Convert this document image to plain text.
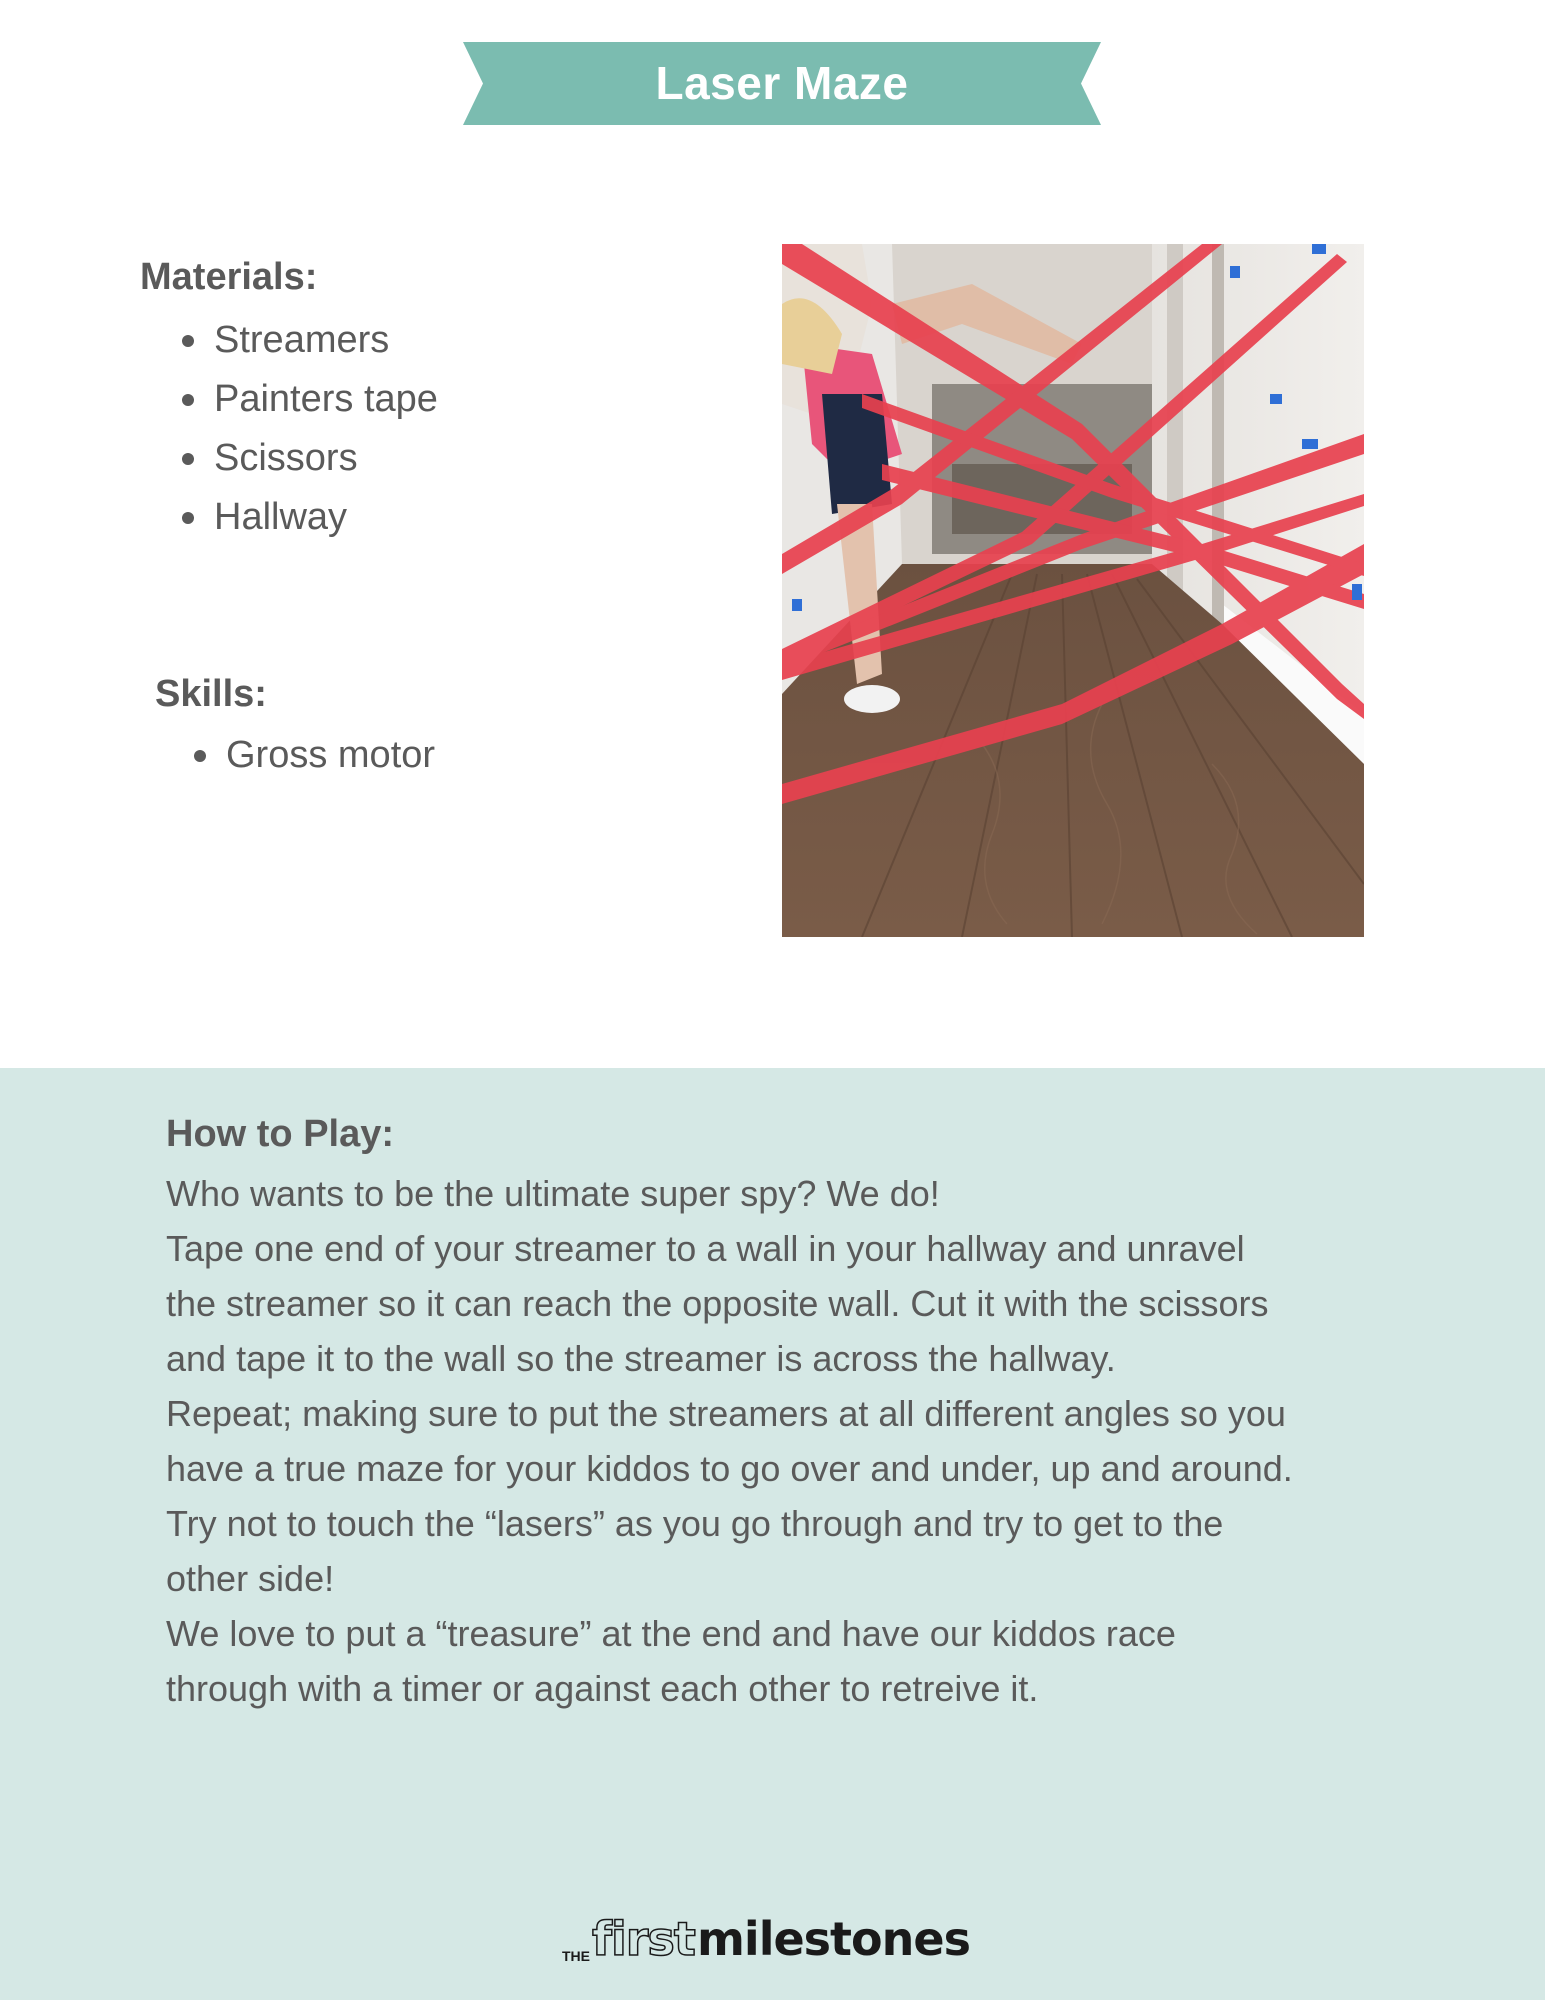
Laser Maze
Materials:
Streamers
Painters tape
Scissors
Hallway
Skills:
Gross motor
How to Play:

Who wants to be the ultimate super spy? We do!

Tape one end of your streamer to a wall in your hallway and unravel

the streamer so it can reach the opposite wall. Cut it with the scissors

and tape it to the wall so the streamer is across the hallway.

Repeat; making sure to put the streamers at all different angles so you

have a true maze for your kiddos to go over and under, up and around.

Try not to touch the “lasers” as you go through and try to get to the

other side!

We love to put a “treasure” at the end and have our kiddos race

through with a timer or against each other to retreive it.

THE first milestones
